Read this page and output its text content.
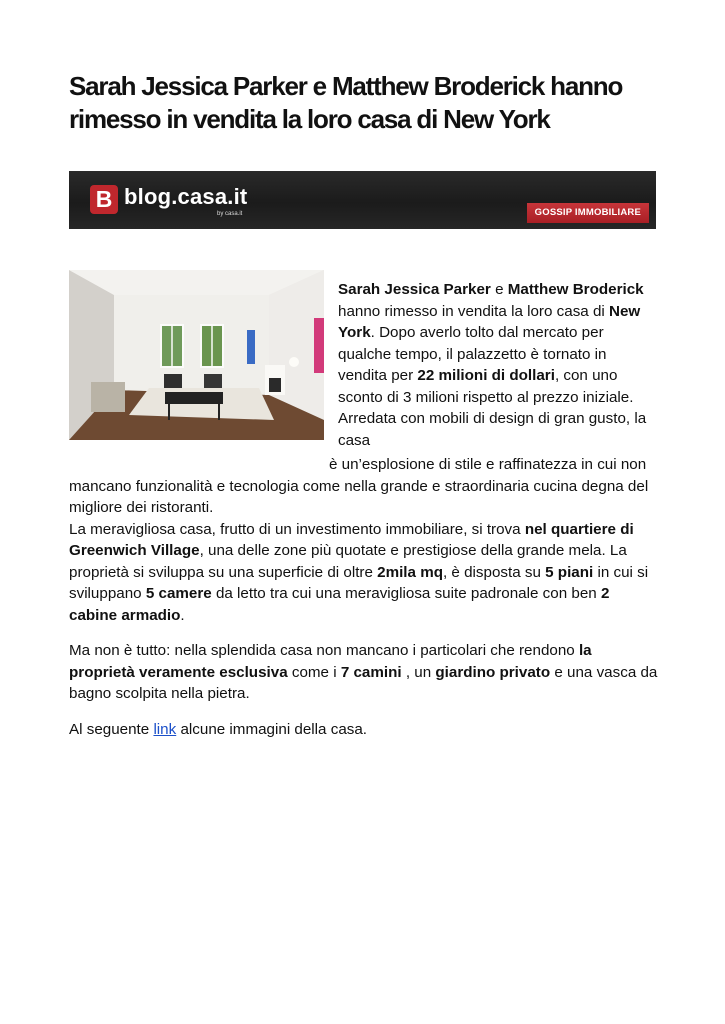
Sarah Jessica Parker e Matthew Broderick hanno rimesso in vendita la loro casa di New York
B blog.casa.it
by casa.it	GOSSIP IMMOBILIARE

Sarah Jessica Parker e Matthew Broderick hanno rimesso in vendita la loro casa di New York. Dopo averlo tolto dal mercato per qualche tempo, il palazzetto è tornato in vendita per 22 milioni di dollari, con uno sconto di 3 milioni rispetto al prezzo iniziale. Arredata con mobili di design di gran gusto, la casa

è un’esplosione di stile e raffinatezza in cui non mancano funzionalità e tecnologia come nella grande e straordinaria cucina degna del migliore dei ristoranti.

La meravigliosa casa, frutto di un investimento immobiliare, si trova nel quartiere di Greenwich Village, una delle zone più quotate e prestigiose della grande mela. La proprietà si sviluppa su una superficie di oltre 2mila mq, è disposta su 5 piani in cui si sviluppano 5 camere da letto tra cui una meravigliosa suite padronale con ben 2 cabine armadio.

Ma non è tutto: nella splendida casa non mancano i particolari che rendono la proprietà veramente esclusiva come i 7 camini , un giardino privato e una vasca da bagno scolpita nella pietra.

Al seguente link alcune immagini della casa.
